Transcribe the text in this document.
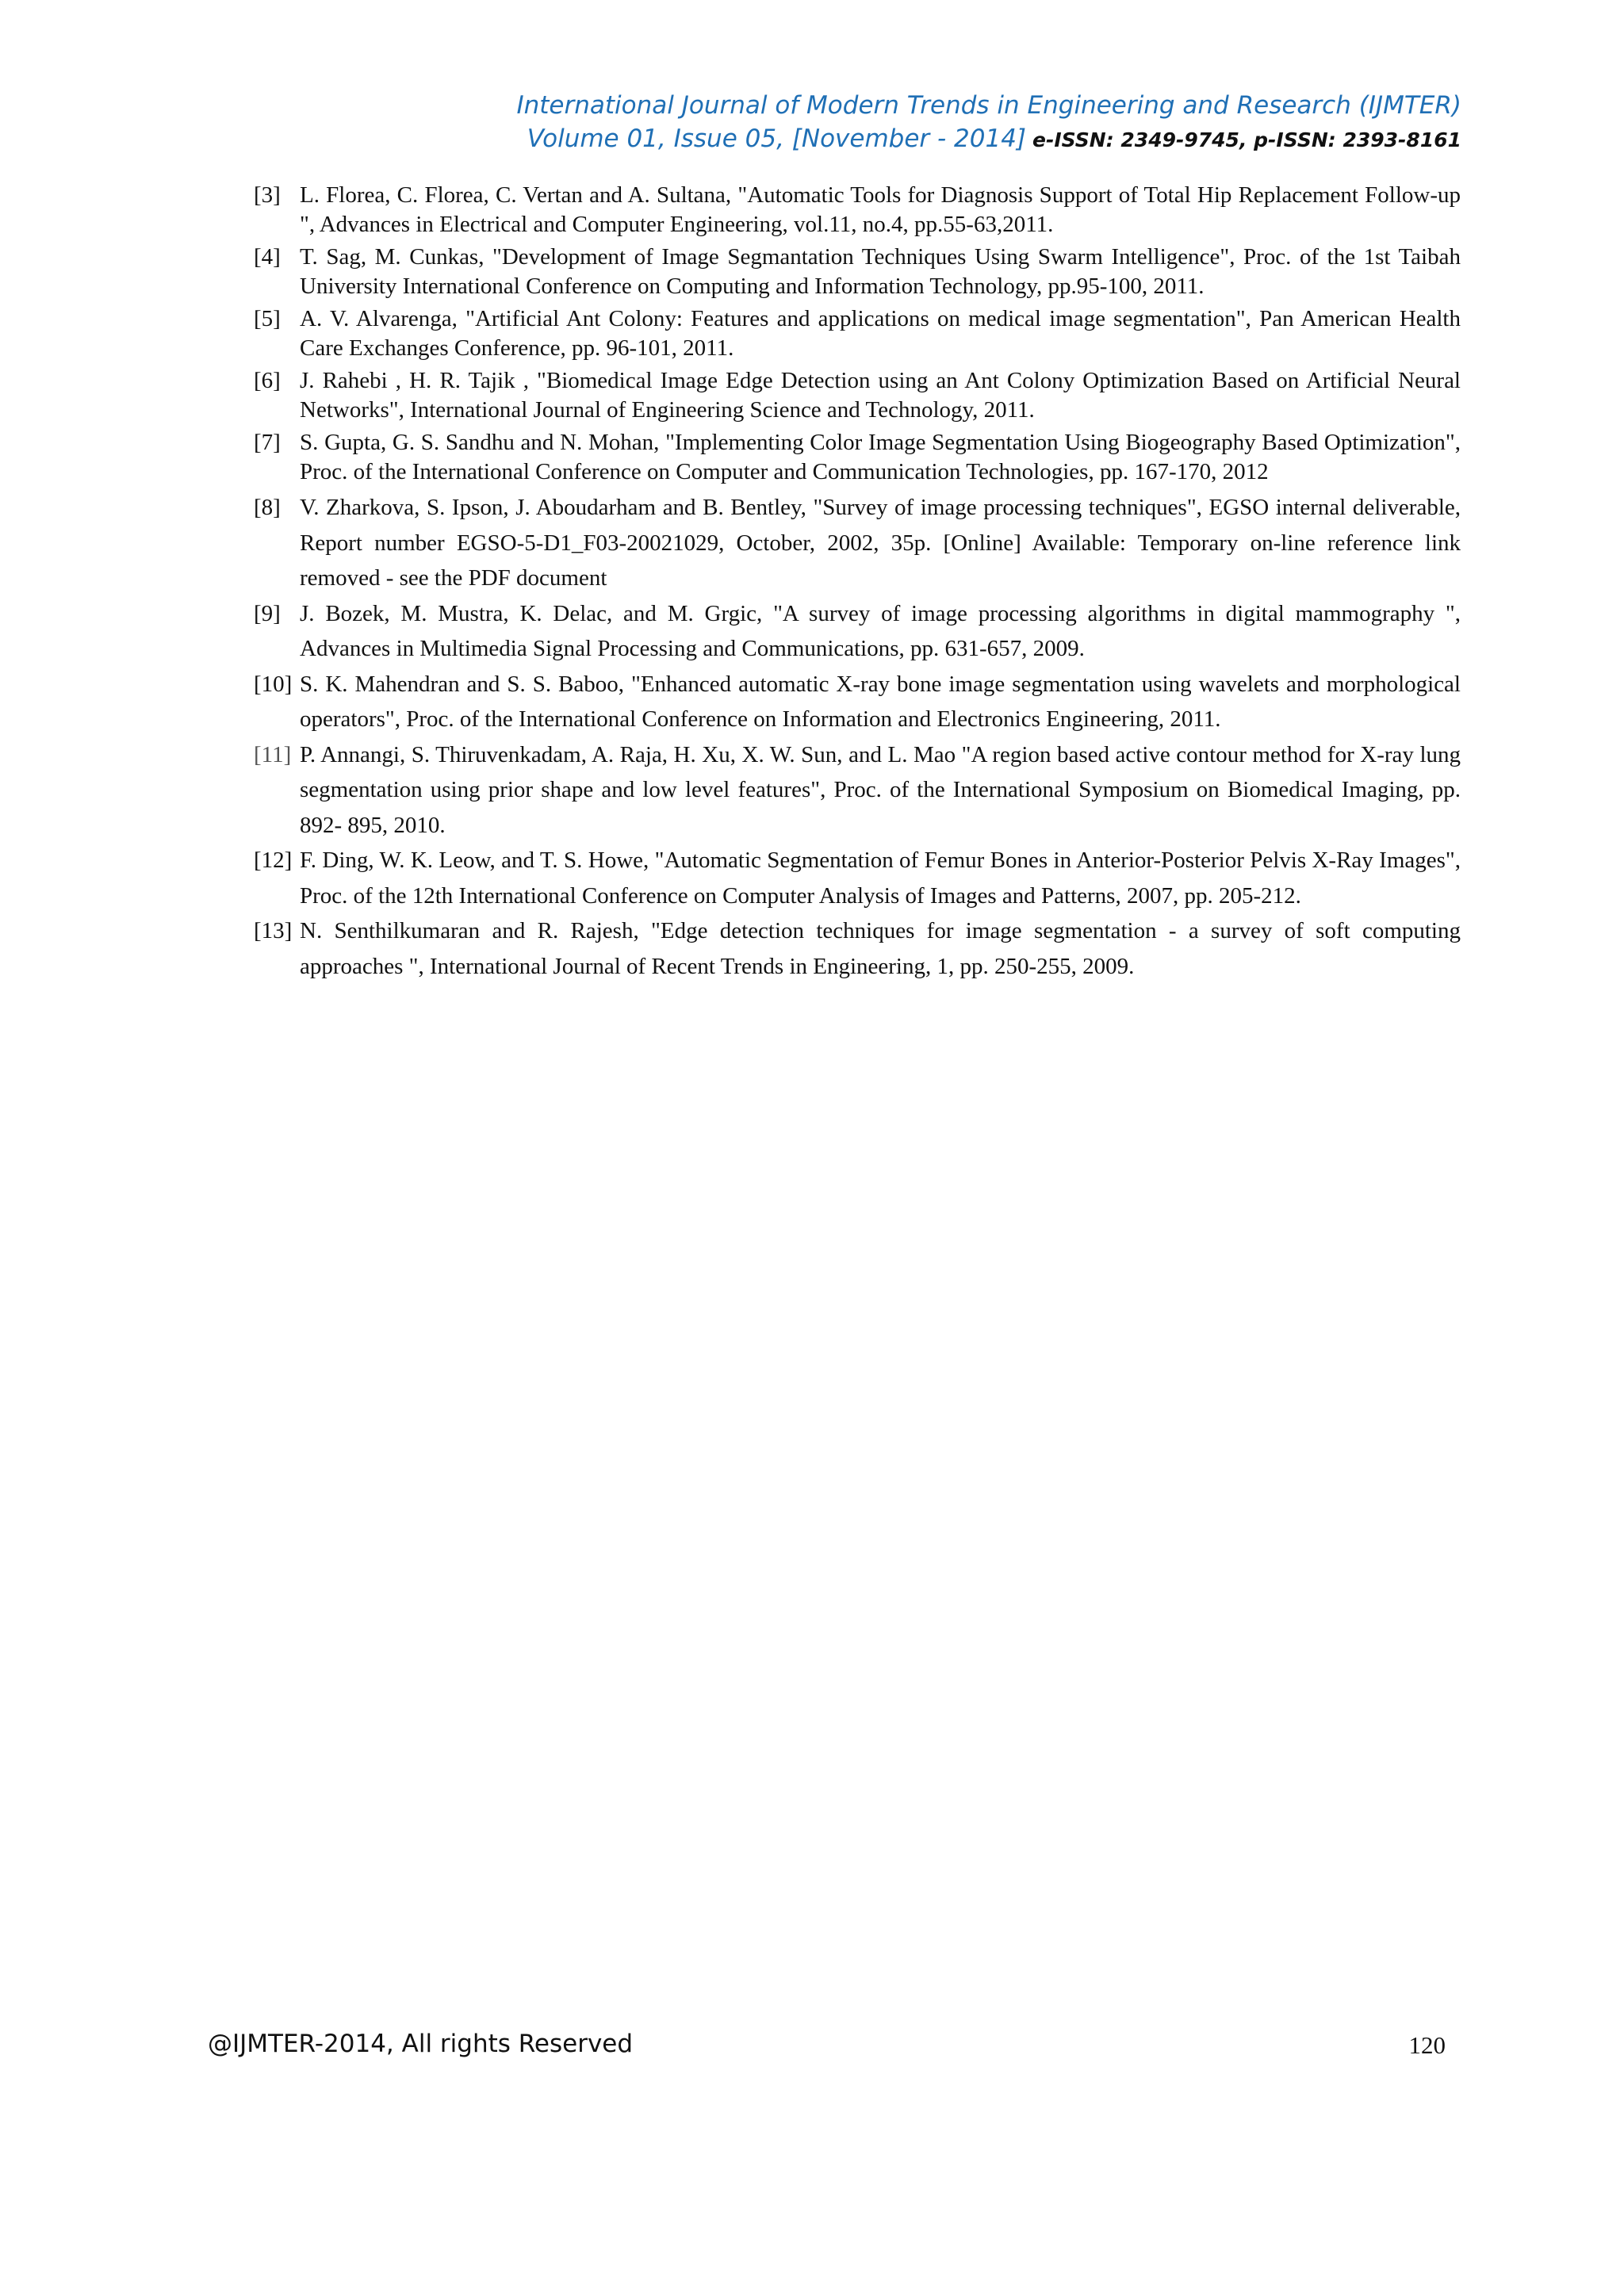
International Journal of Modern Trends in Engineering and Research (IJMTER)
Volume 01, Issue 05, [November - 2014] e-ISSN: 2349-9745, p-ISSN: 2393-8161
[3] L. Florea, C. Florea, C. Vertan and A. Sultana, "Automatic Tools for Diagnosis Support of Total Hip Replacement Follow-up ", Advances in Electrical and Computer Engineering, vol.11, no.4, pp.55-63,2011.
[4] T. Sag, M. Cunkas, "Development of Image Segmantation Techniques Using Swarm Intelligence", Proc. of the 1st Taibah University International Conference on Computing and Information Technology, pp.95-100, 2011.
[5] A. V. Alvarenga, "Artificial Ant Colony: Features and applications on medical image segmentation", Pan American Health Care Exchanges Conference, pp. 96-101, 2011.
[6] J. Rahebi , H. R. Tajik , "Biomedical Image Edge Detection using an Ant Colony Optimization Based on Artificial Neural Networks", International Journal of Engineering Science and Technology, 2011.
[7] S. Gupta, G. S. Sandhu and N. Mohan, "Implementing Color Image Segmentation Using Biogeography Based Optimization", Proc. of the International Conference on Computer and Communication Technologies, pp. 167-170, 2012
[8] V. Zharkova, S. Ipson, J. Aboudarham and B. Bentley, "Survey of image processing techniques", EGSO internal deliverable, Report number EGSO-5-D1_F03-20021029, October, 2002, 35p. [Online] Available: Temporary on-line reference link removed - see the PDF document
[9] J. Bozek, M. Mustra, K. Delac, and M. Grgic, "A survey of image processing algorithms in digital mammography ", Advances in Multimedia Signal Processing and Communications, pp. 631-657, 2009.
[10] S. K. Mahendran and S. S. Baboo, "Enhanced automatic X-ray bone image segmentation using wavelets and morphological operators", Proc. of the International Conference on Information and Electronics Engineering, 2011.
[11] P. Annangi, S. Thiruvenkadam, A. Raja, H. Xu, X. W. Sun, and L. Mao "A region based active contour method for X-ray lung segmentation using prior shape and low level features", Proc. of the International Symposium on Biomedical Imaging, pp. 892- 895, 2010.
[12] F. Ding, W. K. Leow, and T. S. Howe, "Automatic Segmentation of Femur Bones in Anterior-Posterior Pelvis X-Ray Images", Proc. of the 12th International Conference on Computer Analysis of Images and Patterns, 2007, pp. 205-212.
[13] N. Senthilkumaran and R. Rajesh, "Edge detection techniques for image segmentation - a survey of soft computing approaches ", International Journal of Recent Trends in Engineering, 1, pp. 250-255, 2009.
@IJMTER-2014, All rights Reserved	120
